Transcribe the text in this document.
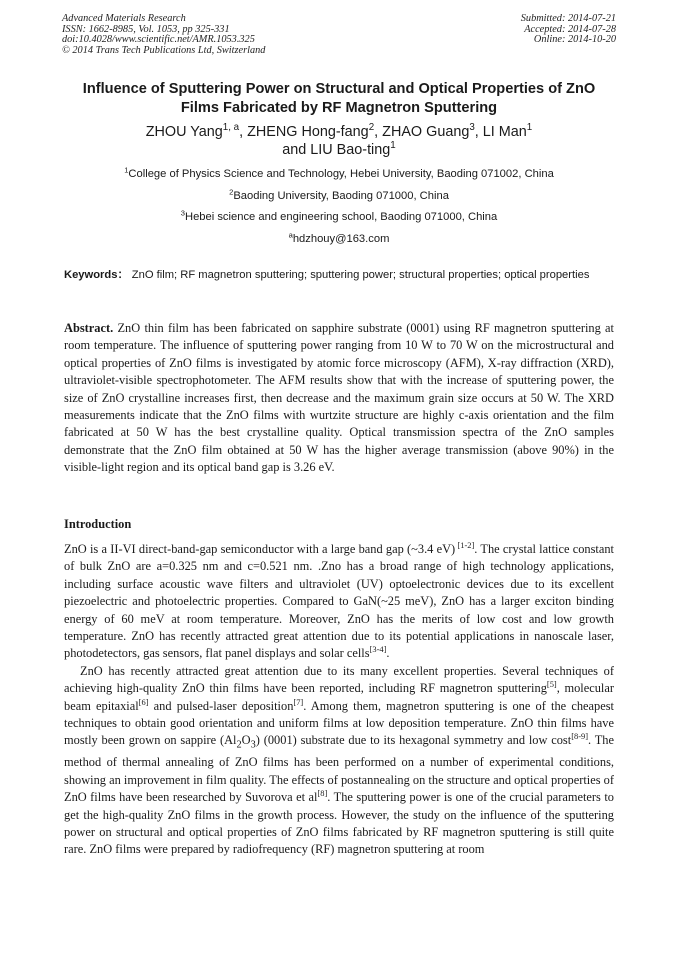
Advanced Materials Research
ISSN: 1662-8985, Vol. 1053, pp 325-331
doi:10.4028/www.scientific.net/AMR.1053.325
© 2014 Trans Tech Publications Ltd, Switzerland
Submitted: 2014-07-21
Accepted: 2014-07-28
Online: 2014-10-20
Influence of Sputtering Power on Structural and Optical Properties of ZnO Films Fabricated by RF Magnetron Sputtering
ZHOU Yang$^{1, a}$, ZHENG Hong-fang$^2$, ZHAO Guang$^3$, LI Man$^1$
and LIU Bao-ting$^1$
$^1$College of Physics Science and Technology, Hebei University, Baoding 071002, China
$^2$Baoding University, Baoding 071000, China
$^3$Hebei science and engineering school, Baoding 071000, China
$^a$hdzhouy@163.com
Keywords： ZnO film; RF magnetron sputtering; sputtering power; structural properties; optical properties
Abstract. ZnO thin film has been fabricated on sapphire substrate (0001) using RF magnetron sputtering at room temperature. The influence of sputtering power ranging from 10 W to 70 W on the microstructural and optical properties of ZnO films is investigated by atomic force microscopy (AFM), X-ray diffraction (XRD), ultraviolet-visible spectrophotometer. The AFM results show that with the increase of sputtering power, the size of ZnO crystalline increases first, then decrease and the maximum grain size occurs at 50 W. The XRD measurements indicate that the ZnO films with wurtzite structure are highly c-axis orientation and the film fabricated at 50 W has the best crystalline quality. Optical transmission spectra of the ZnO samples demonstrate that the ZnO film obtained at 50 W has the higher average transmission (above 90%) in the visible-light region and its optical band gap is 3.26 eV.
Introduction

ZnO is a II-VI direct-band-gap semiconductor with a large band gap (~3.4 eV) [1-2]. The crystal lattice constant of bulk ZnO are a=0.325 nm and c=0.521 nm. .Zno has a broad range of high technology applications, including surface acoustic wave filters and ultraviolet (UV) optoelectronic devices due to its excellent piezoelectric and photoelectric properties. Compared to GaN(~25 meV), ZnO has a larger exciton binding energy of 60 meV at room temperature. Moreover, ZnO has the merits of low cost and low growth temperature. ZnO has recently attracted great attention due to its potential applications in nanoscale laser, photodetectors, gas sensors, flat panel displays and solar cells[3-4].

ZnO has recently attracted great attention due to its many excellent properties. Several techniques of achieving high-quality ZnO thin films have been reported, including RF magnetron sputtering[5], molecular beam epitaxial[6] and pulsed-laser deposition[7]. Among them, magnetron sputtering is one of the cheapest techniques to obtain good orientation and uniform films at low deposition temperature. ZnO thin films have mostly been grown on sappire $(Al_2O_3)$ (0001) substrate due to its hexagonal symmetry and low cost[8-9]. The method of thermal annealing of ZnO films has been performed on a number of experimental conditions, showing an improvement in film quality. The effects of postannealing on the structure and optical properties of ZnO films have been researched by Suvorova et al[8]. The sputtering power is one of the crucial parameters to get the high-quality ZnO films in the growth process. However, the study on the influence of the sputtering power on structural and optical properties of ZnO films fabricated by RF magnetron sputtering is still quite rare. ZnO films were prepared by radiofrequency (RF) magnetron sputtering at room
